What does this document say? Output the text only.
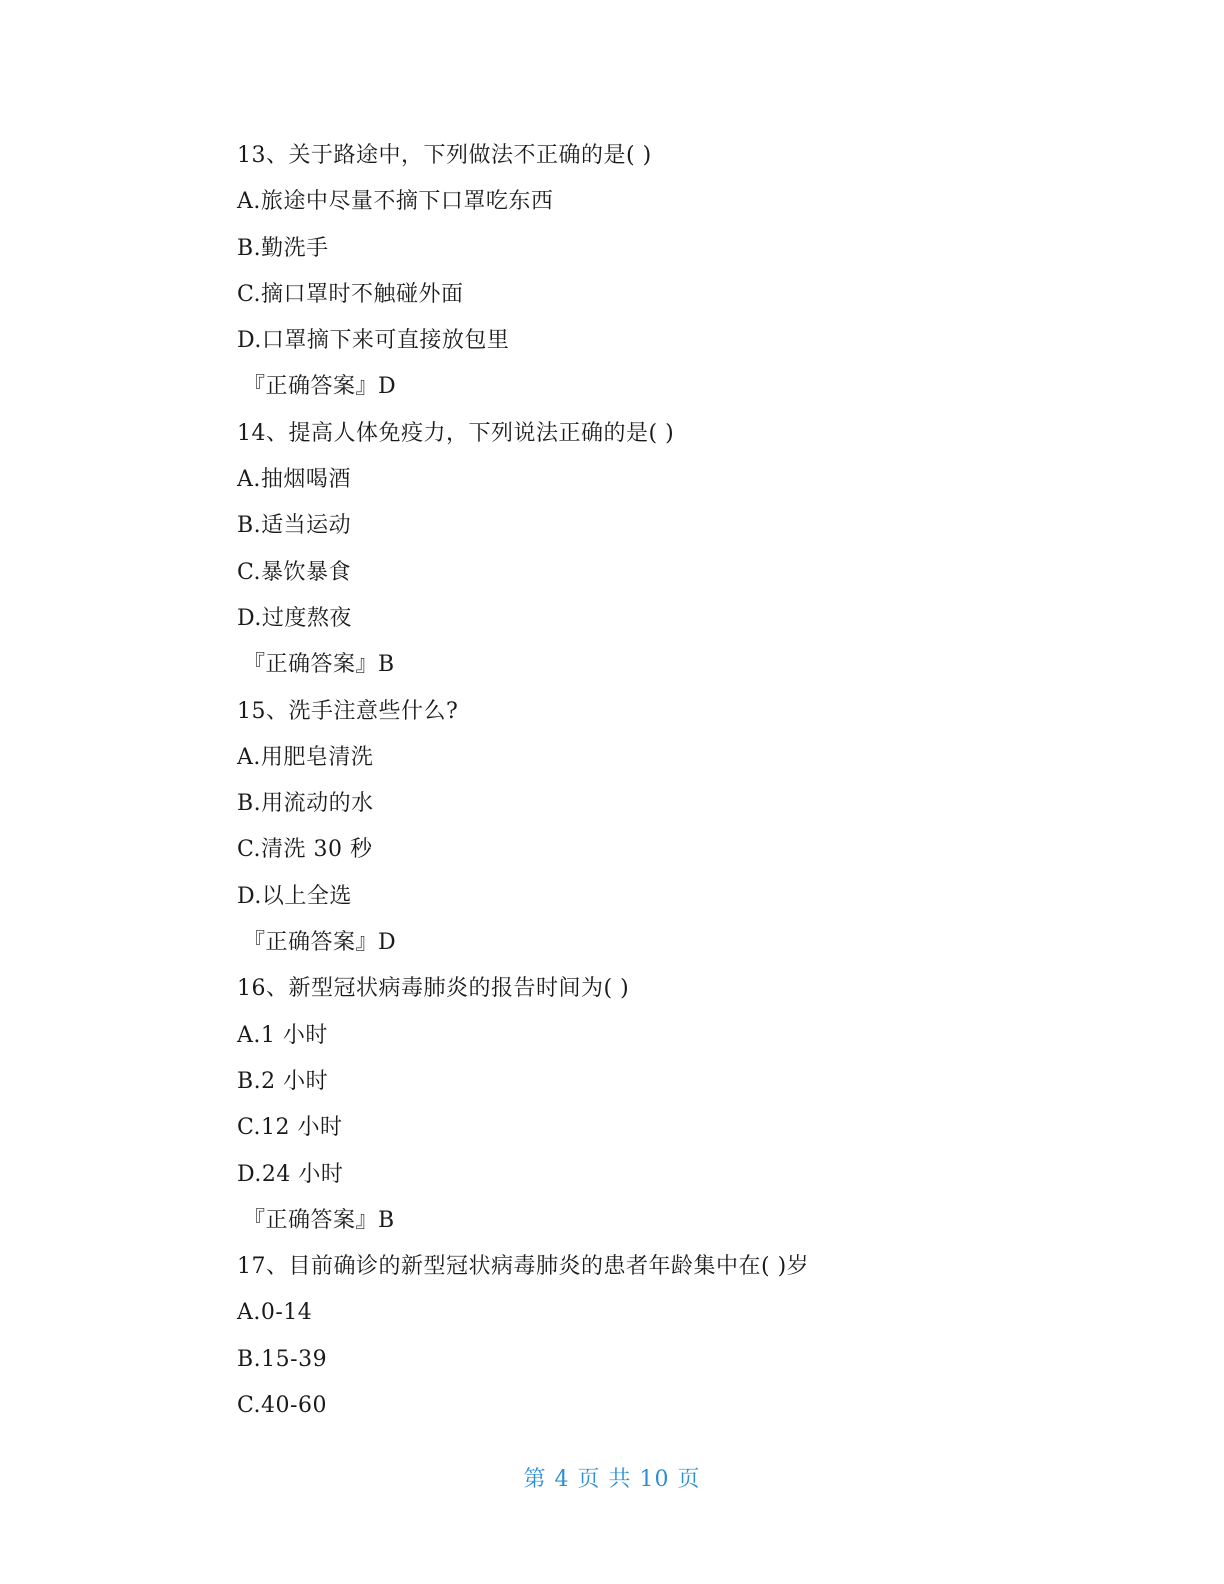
13、关于路途中，下列做法不正确的是( )
A.旅途中尽量不摘下口罩吃东西
B.勤洗手
C.摘口罩时不触碰外面
D.口罩摘下来可直接放包里
『正确答案』D
14、提高人体免疫力，下列说法正确的是( )
A.抽烟喝酒
B.适当运动
C.暴饮暴食
D.过度熬夜
『正确答案』B
15、洗手注意些什么?
A.用肥皂清洗
B.用流动的水
C.清洗 30 秒
D.以上全选
『正确答案』D
16、新型冠状病毒肺炎的报告时间为( )
A.1 小时
B.2 小时
C.12 小时
D.24 小时
『正确答案』B
17、目前确诊的新型冠状病毒肺炎的患者年龄集中在( )岁
A.0-14
B.15-39
C.40-60
第 4 页 共 10 页
